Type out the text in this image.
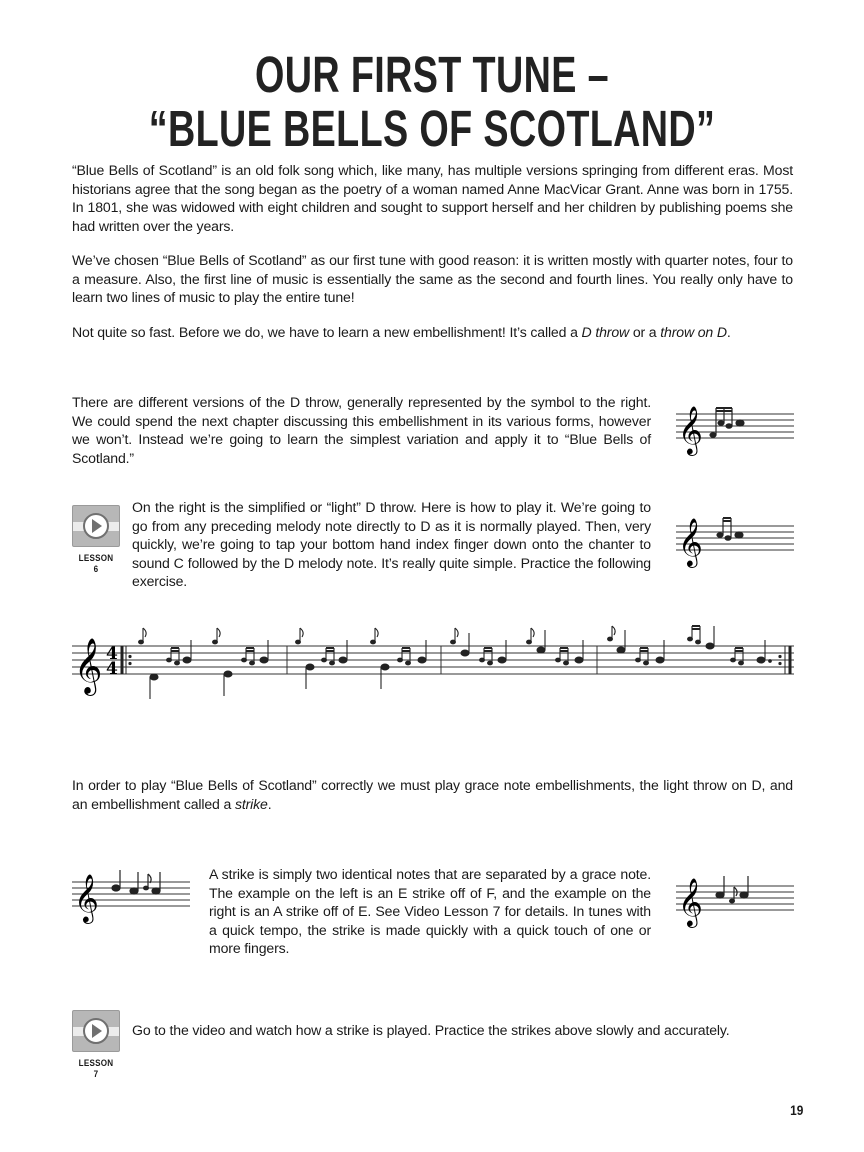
OUR FIRST TUNE –
“BLUE BELLS OF SCOTLAND”

“Blue Bells of Scotland” is an old folk song which, like many, has multiple versions springing from different eras. Most historians agree that the song began as the poetry of a woman named Anne MacVicar Grant. Anne was born in 1755. In 1801, she was widowed with eight children and sought to support herself and her children by publishing poems she had written over the years.

We’ve chosen “Blue Bells of Scotland” as our first tune with good reason: it is written mostly with quarter notes, four to a measure. Also, the first line of music is essentially the same as the second and fourth lines. You really only have to learn two lines of music to play the entire tune!

Not quite so fast. Before we do, we have to learn a new embellishment! It’s called a D throw or a throw on D.

There are different versions of the D throw, generally represented by the symbol to the right. We could spend the next chapter discussing this embellishment in its various forms, however we won’t. Instead we’re going to learn the simplest variation and apply it to “Blue Bells of Scotland.”

𝄞
LESSON 6

On the right is the simplified or “light” D throw. Here is how to play it. We’re going to go from any preceding melody note directly to D as it is normally played. Then, very quickly, we’re going to tap your bottom hand index finger down onto the chanter to sound C followed by the D melody note. It’s really quite simple. Practice the following exercise.

𝄞
𝄞 4
4

In order to play “Blue Bells of Scotland” correctly we must play grace note embellishments, the light throw on D, and an embellishment called a strike.

𝄞	A strike is simply two identical notes that are separated by a grace note. The example on the left is an E strike off of F, and the example on the right is an A strike off of E. See Video Lesson 7 for details. In tunes with a quick tempo, the strike is made quickly with a quick touch of one or more fingers.

𝄞
LESSON 7

Go to the video and watch how a strike is played. Practice the strikes above slowly and accurately.

19
